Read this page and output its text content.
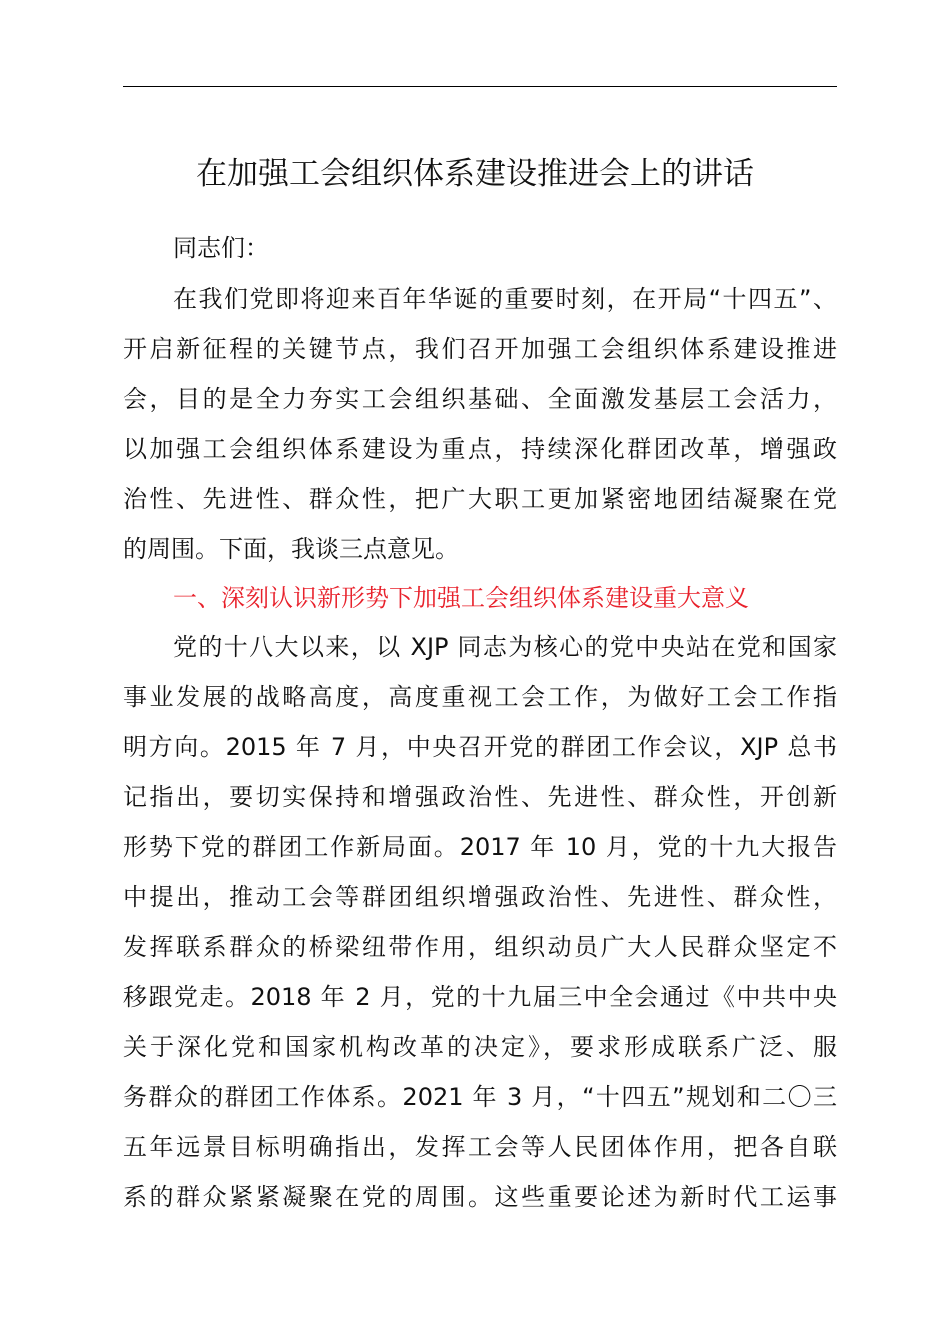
在加强工会组织体系建设推进会上的讲话
同志们：
在我们党即将迎来百年华诞的重要时刻，在开局“十四五”、
开启新征程的关键节点，我们召开加强工会组织体系建设推进
会，目的是全力夯实工会组织基础、全面激发基层工会活力，
以加强工会组织体系建设为重点，持续深化群团改革，增强政
治性、先进性、群众性，把广大职工更加紧密地团结凝聚在党
的周围。下面，我谈三点意见。
一、深刻认识新形势下加强工会组织体系建设重大意义
党的十八大以来，以 XJP 同志为核心的党中央站在党和国家
事业发展的战略高度，高度重视工会工作，为做好工会工作指
明方向。2015 年 7 月，中央召开党的群团工作会议，XJP 总书
记指出，要切实保持和增强政治性、先进性、群众性，开创新
形势下党的群团工作新局面。2017 年 10 月，党的十九大报告
中提出，推动工会等群团组织增强政治性、先进性、群众性，
发挥联系群众的桥梁纽带作用，组织动员广大人民群众坚定不
移跟党走。2018 年 2 月，党的十九届三中全会通过《中共中央
关于深化党和国家机构改革的决定》，要求形成联系广泛、服
务群众的群团工作体系。2021 年 3 月，“十四五”规划和二〇三
五年远景目标明确指出，发挥工会等人民团体作用，把各自联
系的群众紧紧凝聚在党的周围。这些重要论述为新时代工运事
